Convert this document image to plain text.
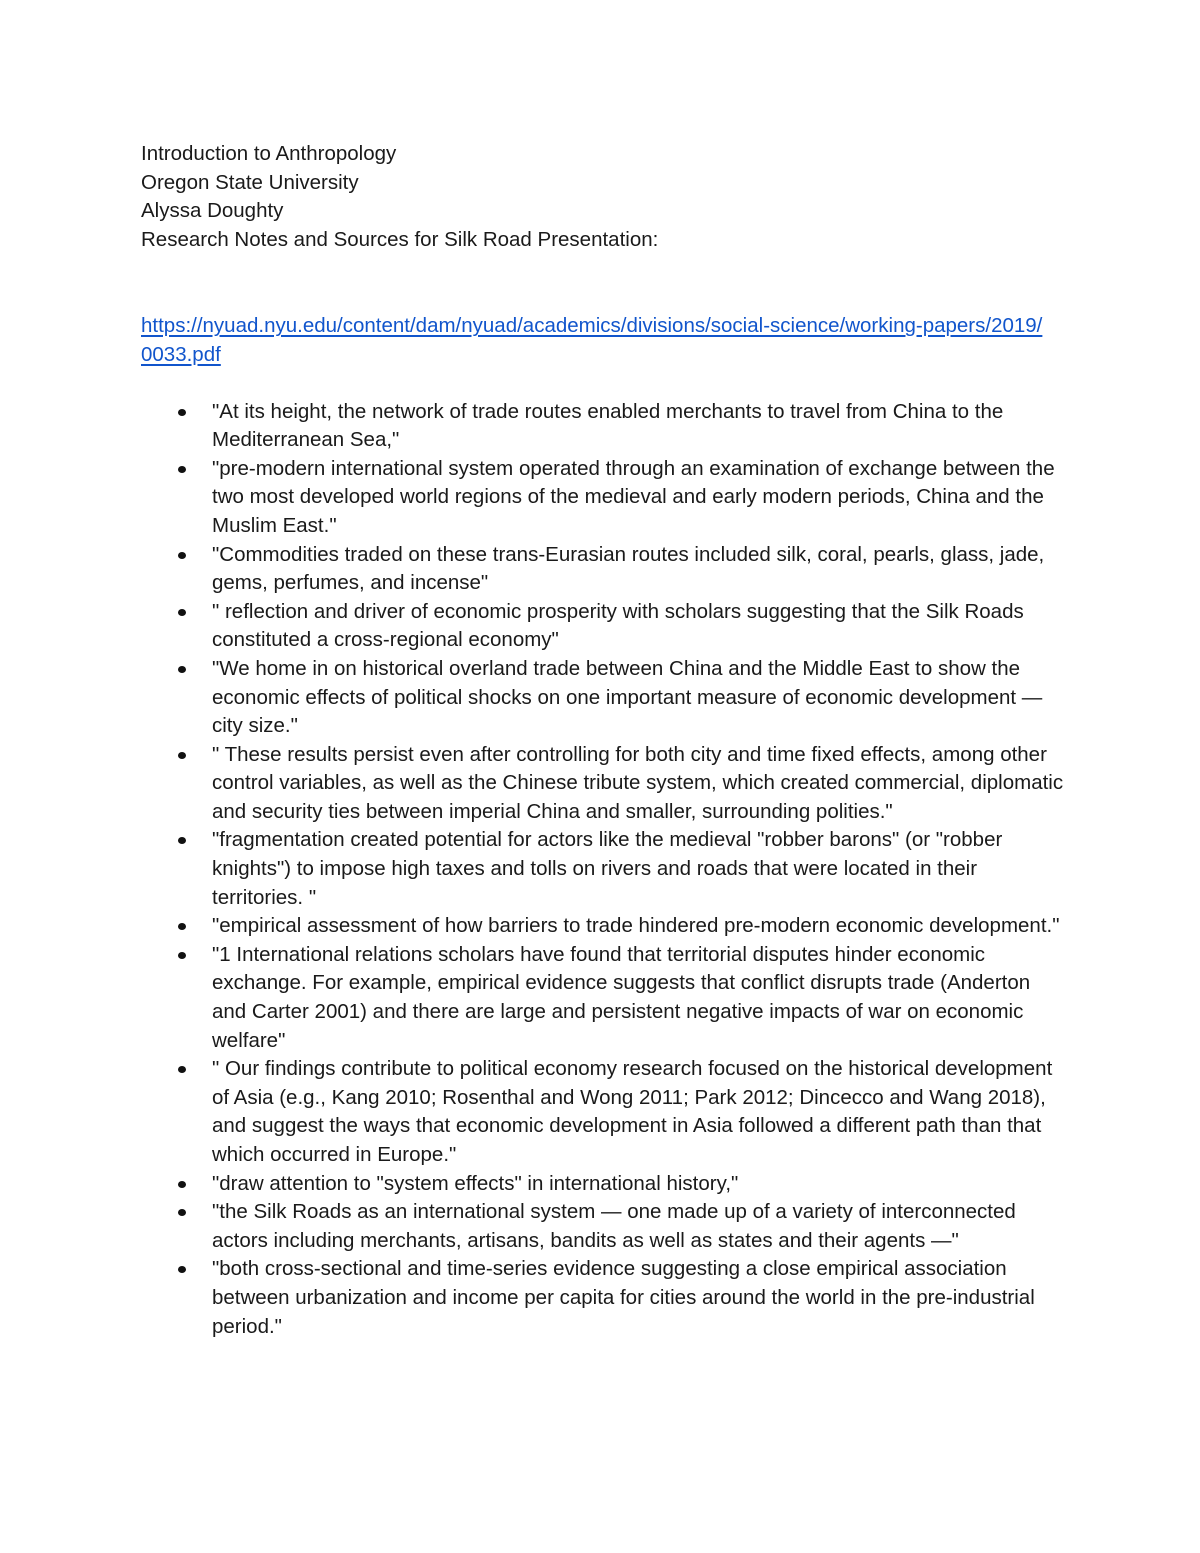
Introduction to Anthropology

Oregon State University

Alyssa Doughty

Research Notes and Sources for Silk Road Presentation:

https://nyuad.nyu.edu/content/dam/nyuad/academics/divisions/social-science/working-papers/2019/0033.pdf
"At its height, the network of trade routes enabled merchants to travel from China to the Mediterranean Sea,"
"pre-modern international system operated through an examination of exchange between the two most developed world regions of the medieval and early modern periods, China and the Muslim East."
"Commodities traded on these trans-Eurasian routes included silk, coral, pearls, glass, jade, gems, perfumes, and incense"
" reflection and driver of economic prosperity with scholars suggesting that the Silk Roads constituted a cross-regional economy"
"We home in on historical overland trade between China and the Middle East to show the economic effects of political shocks on one important measure of economic development — city size."
" These results persist even after controlling for both city and time fixed effects, among other control variables, as well as the Chinese tribute system, which created commercial, diplomatic and security ties between imperial China and smaller, surrounding polities."
"fragmentation created potential for actors like the medieval "robber barons" (or "robber knights") to impose high taxes and tolls on rivers and roads that were located in their territories. "
"empirical assessment of how barriers to trade hindered pre-modern economic development."
"1 International relations scholars have found that territorial disputes hinder economic exchange. For example, empirical evidence suggests that conflict disrupts trade (Anderton and Carter 2001) and there are large and persistent negative impacts of war on economic welfare"
" Our findings contribute to political economy research focused on the historical development of Asia (e.g., Kang 2010; Rosenthal and Wong 2011; Park 2012; Dincecco and Wang 2018), and suggest the ways that economic development in Asia followed a different path than that which occurred in Europe."
"draw attention to "system effects" in international history,"
"the Silk Roads as an international system — one made up of a variety of interconnected actors including merchants, artisans, bandits as well as states and their agents —"
"both cross-sectional and time-series evidence suggesting a close empirical association between urbanization and income per capita for cities around the world in the pre-industrial period."
